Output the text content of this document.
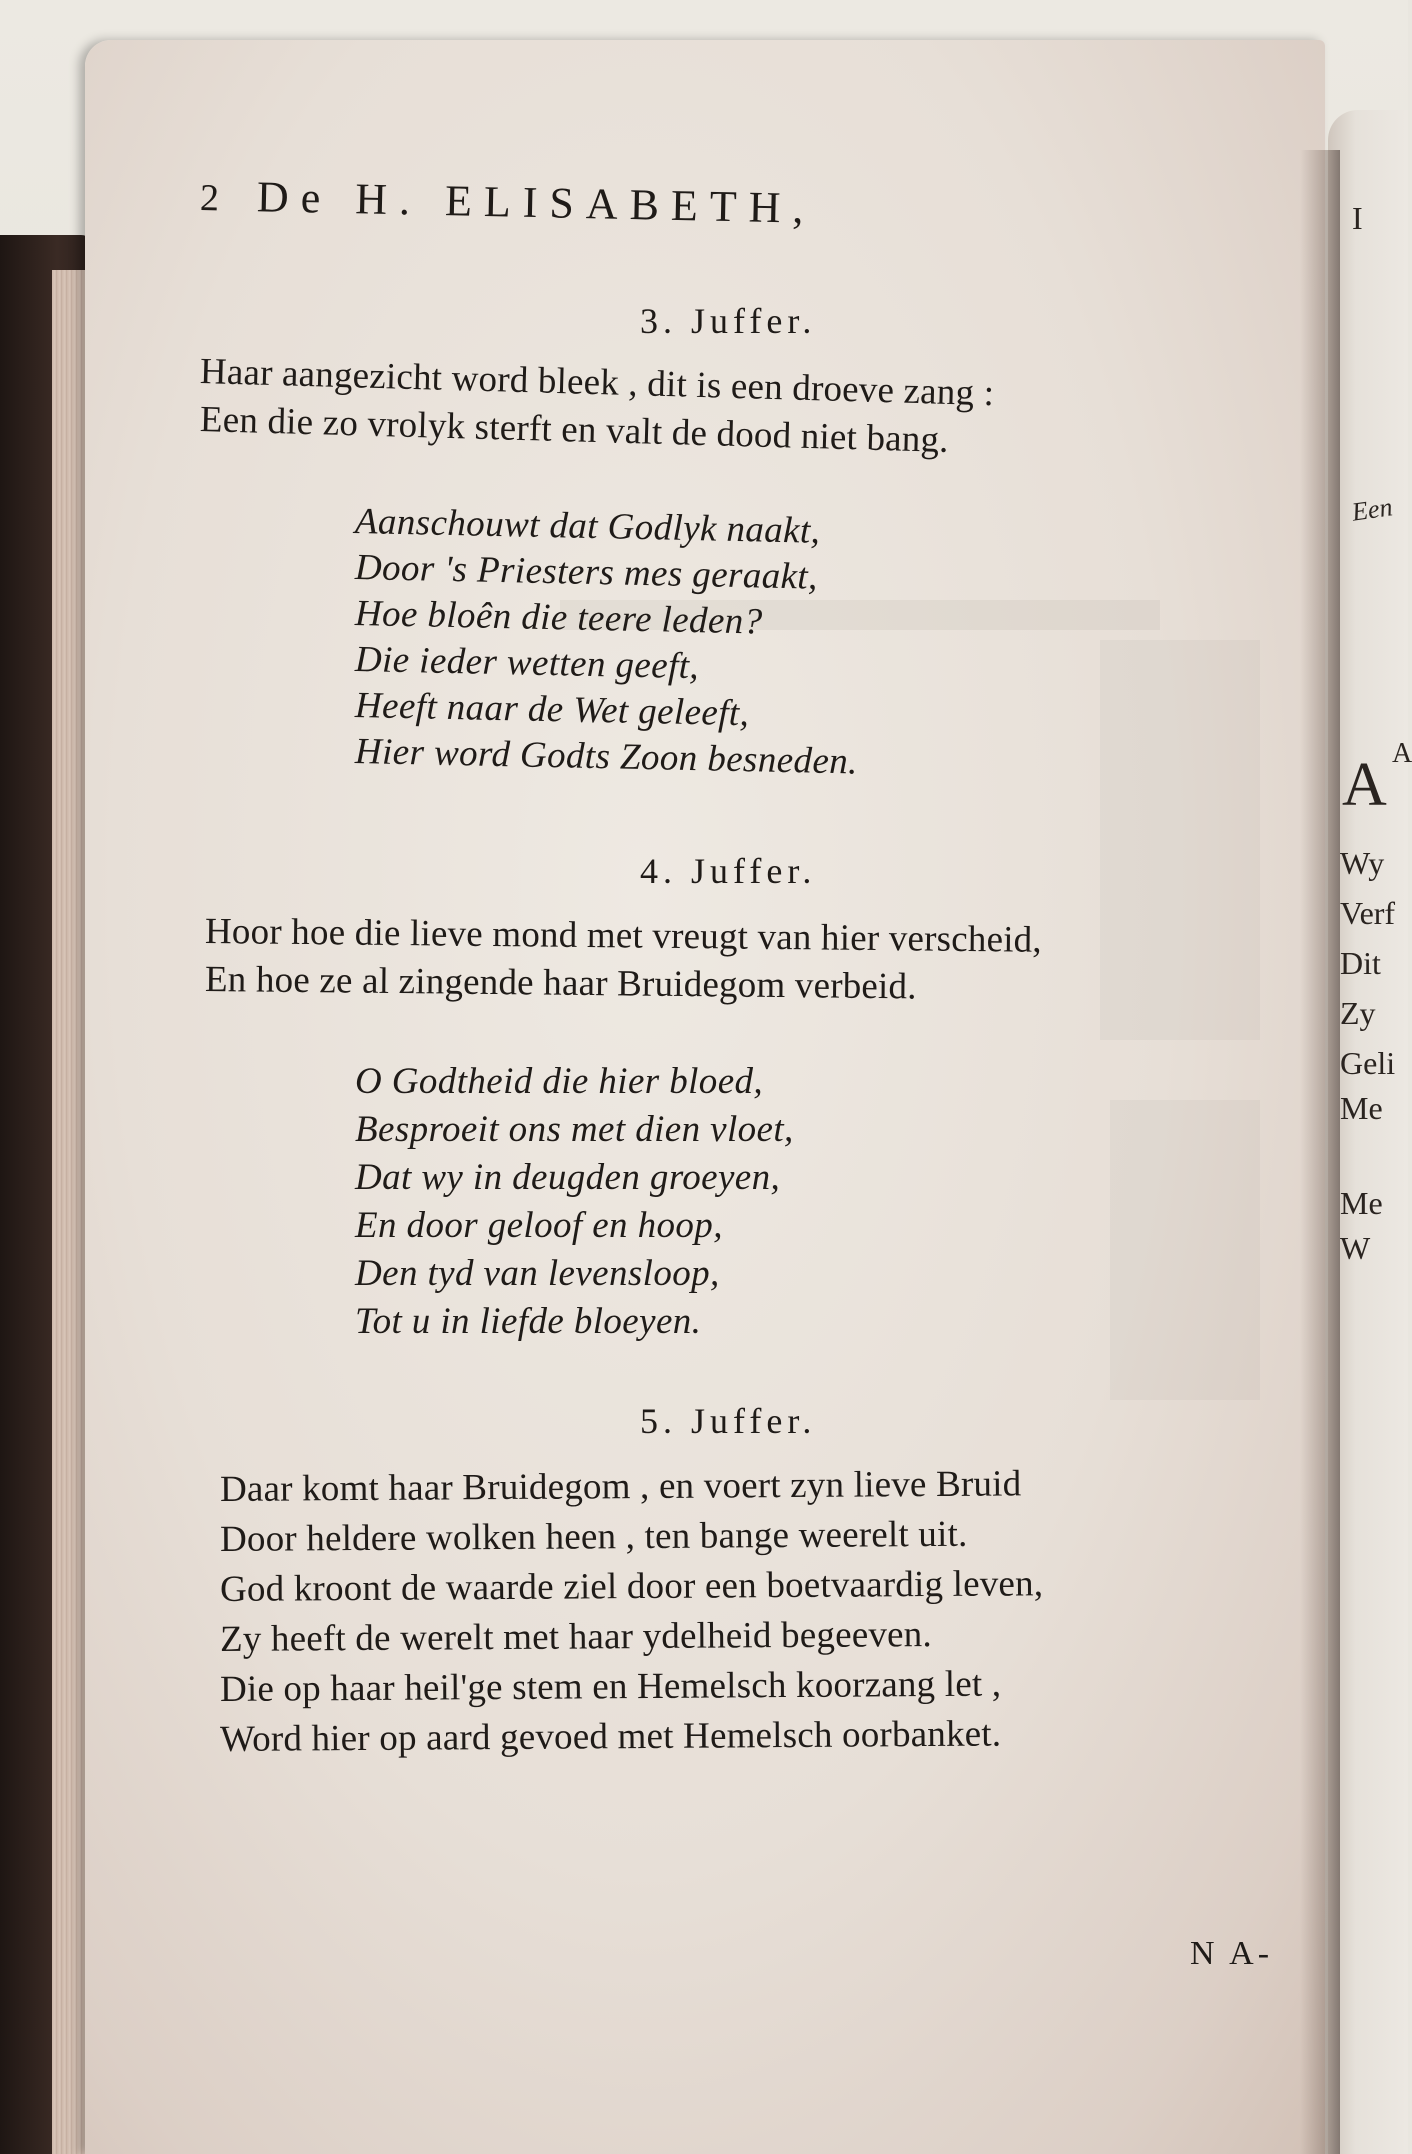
I
Een
A A
Wy
Verf
Dit
Zy
Geli
Me
Me
W
2 De H. ELISABETH,
3. Juffer.
Haar aangezicht word bleek , dit is een droeve zang :
Een die zo vrolyk sterft en valt de dood niet bang.
Aanschouwt dat Godlyk naakt,
Door 's Priesters mes geraakt,
Hoe bloên die teere leden?
Die ieder wetten geeft,
Heeft naar de Wet geleeft,
Hier word Godts Zoon besneden.
4. Juffer.
Hoor hoe die lieve mond met vreugt van hier verscheid,
En hoe ze al zingende haar Bruidegom verbeid.
O Godtheid die hier bloed,
Besproeit ons met dien vloet,
Dat wy in deugden groeyen,
En door geloof en hoop,
Den tyd van levensloop,
Tot u in liefde bloeyen.
5. Juffer.
Daar komt haar Bruidegom , en voert zyn lieve Bruid
Door heldere wolken heen , ten bange weerelt uit.
God kroont de waarde ziel door een boetvaardig leven,
Zy heeft de werelt met haar ydelheid begeeven.
Die op haar heil'ge stem en Hemelsch koorzang let ,
Word hier op aard gevoed met Hemelsch oorbanket.
N A-
